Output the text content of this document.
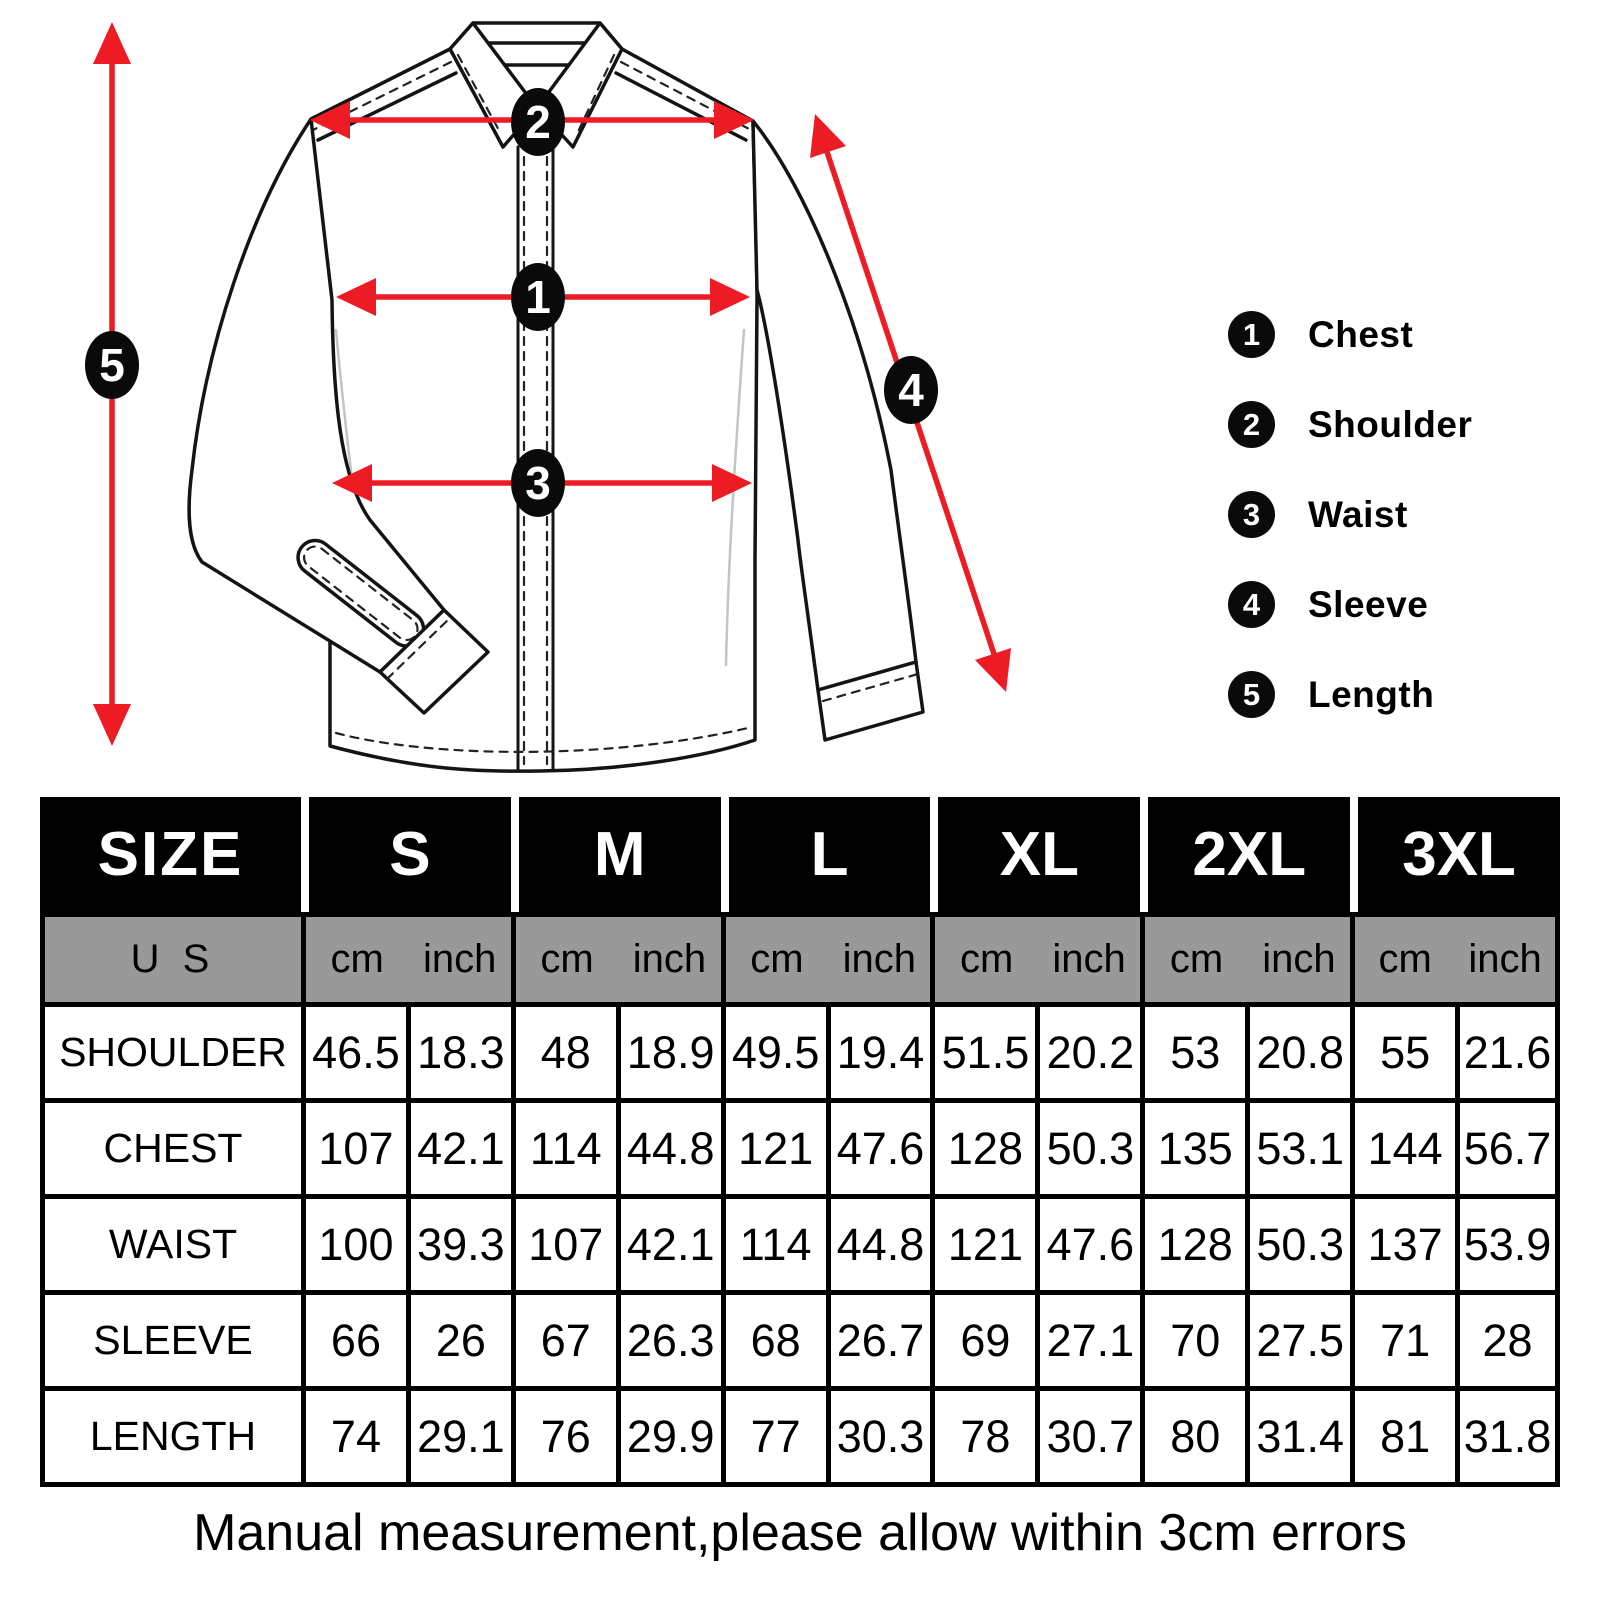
1
2
3
4
5
1	Chest
2	Shoulder
3	Waist
4	Sleeve
5	Length
SIZE	S	M	L	XL	2XL	3XL
U S	cm inch	cm inch	cm inch	cm inch	cm inch	cm inch
SHOULDER 46.5 18.3 48 18.9 49.5 19.4 51.5 20.2 53 20.8 55 21.6
CHEST	107 42.1 114 44.8 121 47.6 128 50.3 135 53.1 144 56.7
WAIST	100 39.3 107 42.1 114 44.8 121 47.6 128 50.3 137 53.9
SLEEVE	66	26	67 26.3 68 26.7 69 27.1 70 27.5 71	28
LENGTH	74 29.1 76 29.9 77 30.3 78 30.7 80 31.4 81 31.8

Manual measurement,please allow within 3cm errors
